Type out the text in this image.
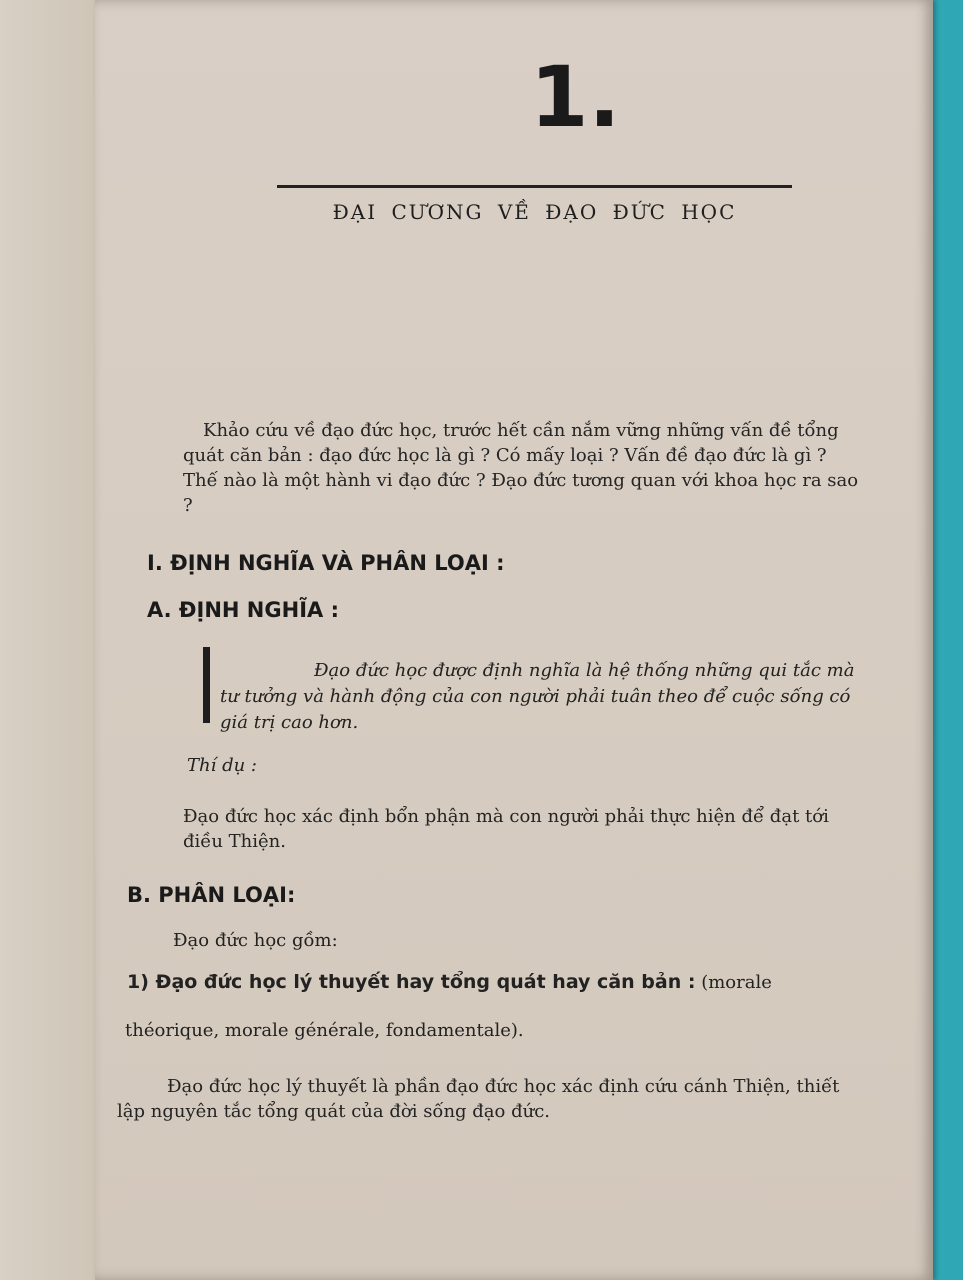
1.
ĐẠI CƯƠNG VỀ ĐẠO ĐỨC HỌC

Khảo cứu về đạo đức học, trước hết cần nắm vững những vấn đề tổng quát căn bản : đạo đức học là gì ? Có mấy loại ? Vấn đề đạo đức là gì ? Thế nào là một hành vi đạo đức ? Đạo đức tương quan với khoa học ra sao ?

I. ĐỊNH NGHĨA VÀ PHÂN LOẠI :
A. ĐỊNH NGHĨA :

Đạo đức học được định nghĩa là hệ thống những qui tắc mà tư tưởng và hành động của con người phải tuân theo để cuộc sống có giá trị cao hơn.

Thí dụ :

Đạo đức học xác định bổn phận mà con người phải thực hiện để đạt tới điều Thiện.

B. PHÂN LOẠI:
Đạo đức học gồm:
1) Đạo đức học lý thuyết hay tổng quát hay căn bản : (morale
théorique, morale générale, fondamentale).

Đạo đức học lý thuyết là phần đạo đức học xác định cứu cánh Thiện, thiết lập nguyên tắc tổng quát của đời sống đạo đức.
